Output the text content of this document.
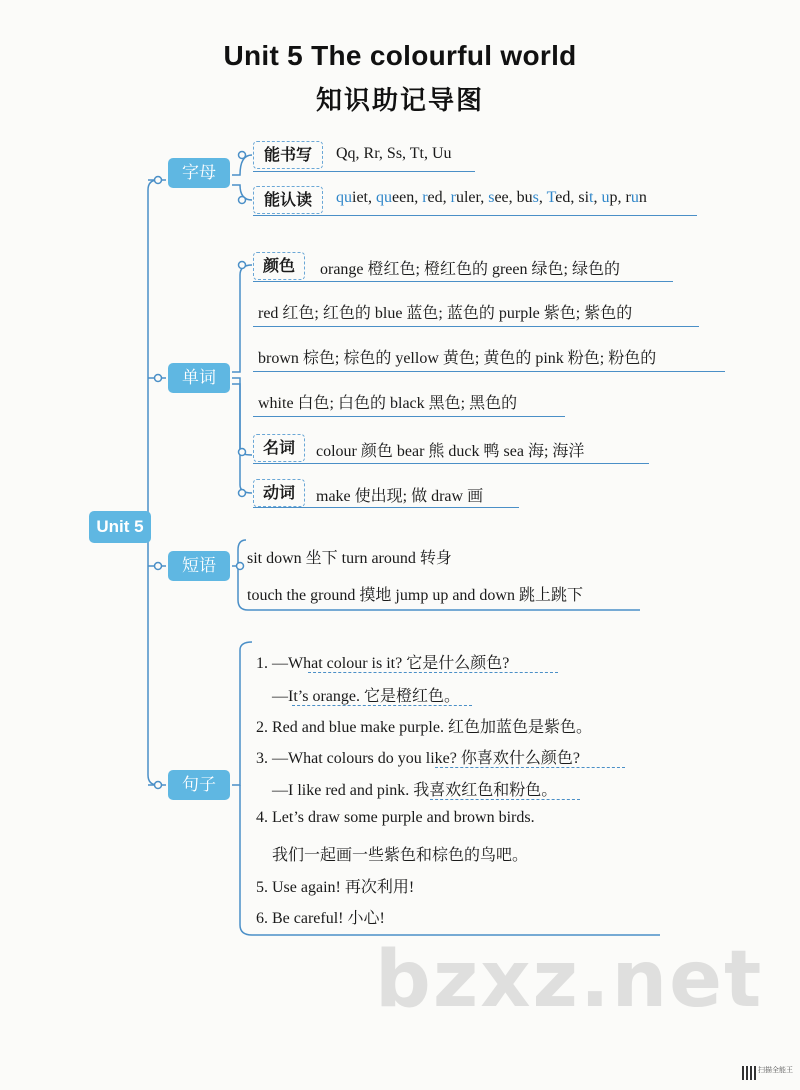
Unit 5 The colourful world
知识助记导图
Unit 5
字母
单词
短语
句子
能书写	Qq, Rr, Ss, Tt, Uu
能认读	quiet, queen, red, ruler, see, bus, Ted, sit, up, run
颜色	orange 橙红色; 橙红色的 green 绿色; 绿色的
red 红色; 红色的 blue 蓝色; 蓝色的 purple 紫色; 紫色的
brown 棕色; 棕色的 yellow 黄色; 黄色的 pink 粉色; 粉色的
white 白色; 白色的 black 黑色; 黑色的
名词	colour 颜色 bear 熊 duck 鸭 sea 海; 海洋
动词	make 使出现; 做 draw 画
sit down 坐下 turn around 转身
touch the ground 摸地 jump up and down 跳上跳下
1. —What colour is it? 它是什么颜色?
—It’s orange. 它是橙红色。
2. Red and blue make purple. 红色加蓝色是紫色。
3. —What colours do you like? 你喜欢什么颜色?
—I like red and pink. 我喜欢红色和粉色。
4. Let’s draw some purple and brown birds.
我们一起画一些紫色和棕色的鸟吧。
5. Use again! 再次利用!
6. Be careful! 小心!
bzxz.net
扫描全能王
